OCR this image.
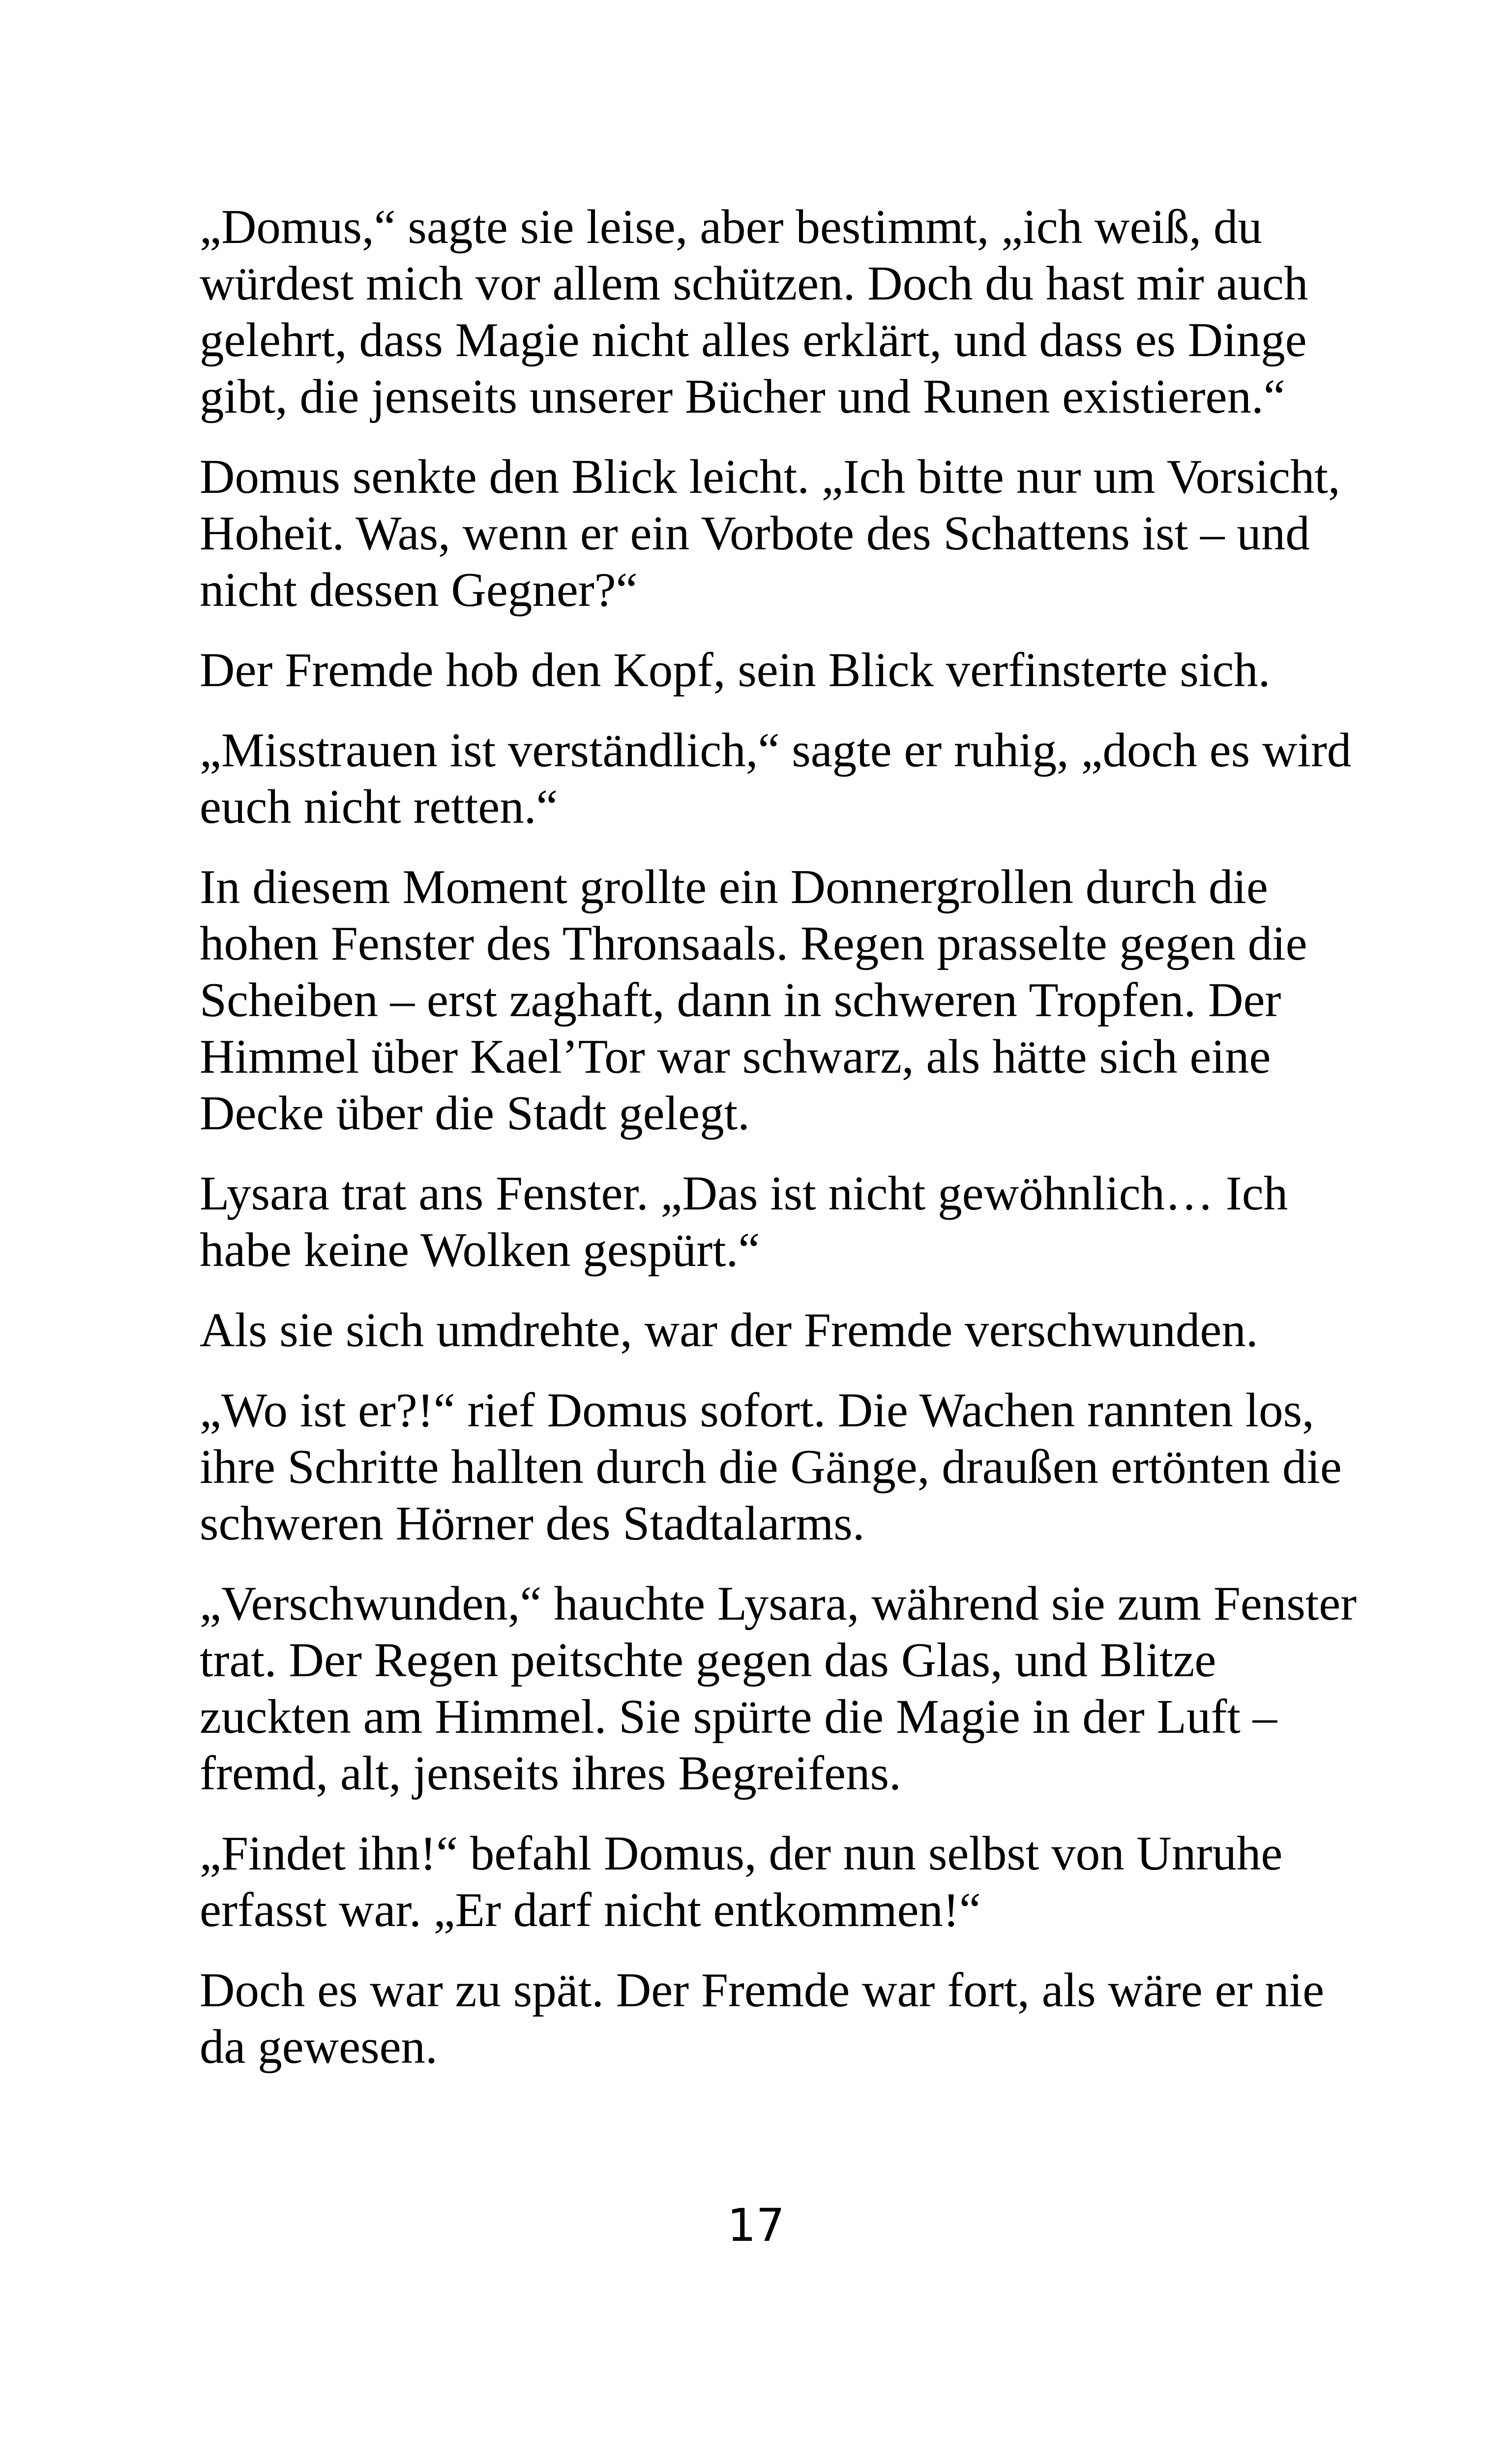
„Domus,“ sagte sie leise, aber bestimmt, „ich weiß, du würdest mich vor allem schützen. Doch du hast mir auch gelehrt, dass Magie nicht alles erklärt, und dass es Dinge gibt, die jenseits unserer Bücher und Runen existieren.“

Domus senkte den Blick leicht. „Ich bitte nur um Vorsicht, Hoheit. Was, wenn er ein Vorbote des Schattens ist – und nicht dessen Gegner?“

Der Fremde hob den Kopf, sein Blick verfinsterte sich.

„Misstrauen ist verständlich,“ sagte er ruhig, „doch es wird euch nicht retten.“

In diesem Moment grollte ein Donnergrollen durch die hohen Fenster des Thronsaals. Regen prasselte gegen die Scheiben – erst zaghaft, dann in schweren Tropfen. Der Himmel über Kael’Tor war schwarz, als hätte sich eine Decke über die Stadt gelegt.

Lysara trat ans Fenster. „Das ist nicht gewöhnlich… Ich habe keine Wolken gespürt.“

Als sie sich umdrehte, war der Fremde verschwunden.

„Wo ist er?!“ rief Domus sofort. Die Wachen rannten los, ihre Schritte hallten durch die Gänge, draußen ertönten die schweren Hörner des Stadtalarms.

„Verschwunden,“ hauchte Lysara, während sie zum Fenster trat. Der Regen peitschte gegen das Glas, und Blitze zuckten am Himmel. Sie spürte die Magie in der Luft – fremd, alt, jenseits ihres Begreifens.

„Findet ihn!“ befahl Domus, der nun selbst von Unruhe erfasst war. „Er darf nicht entkommen!“

Doch es war zu spät. Der Fremde war fort, als wäre er nie da gewesen.

17
